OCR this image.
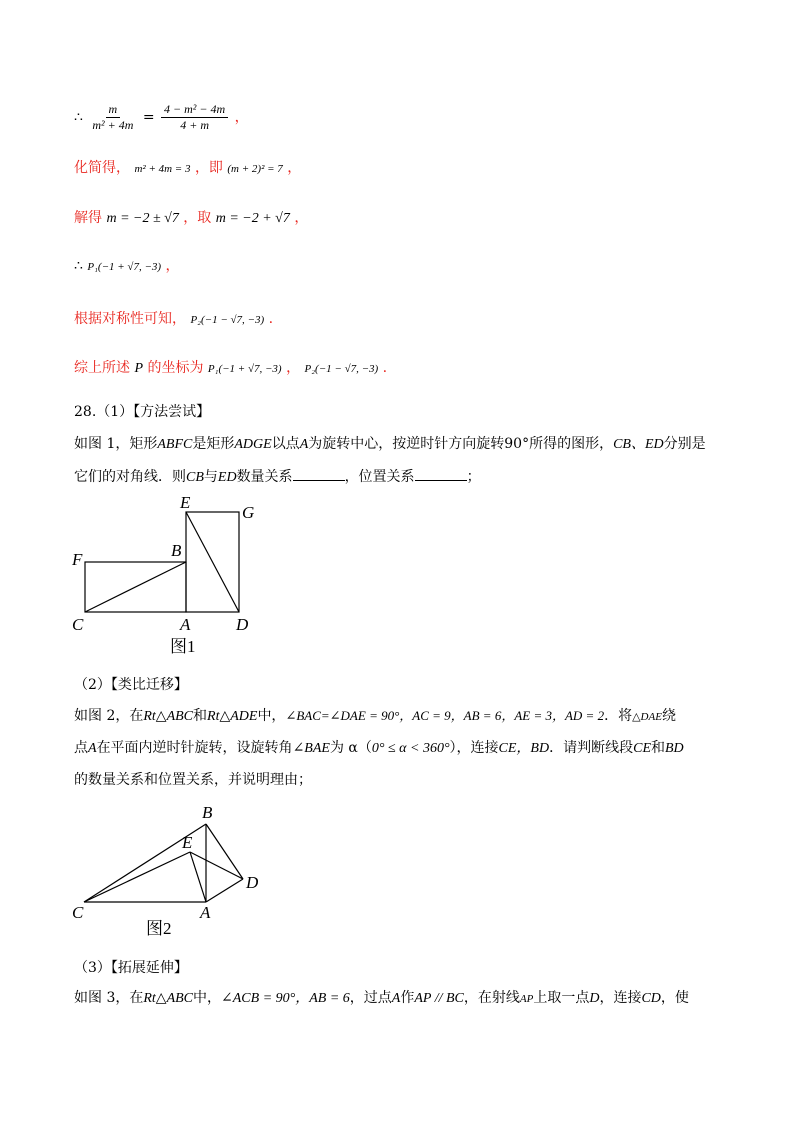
∴ $\frac{m}{\text{m² + 4m}} = \frac{\text{4 − m² − 4m}}{4 + m}$ ，
化简得， m² + 4m = 3 ，即 (m + 2)² = 7 ，
解得 m = −2 ± √7 ，取 m = −2 + √7 ，
∴ P₁(−1 + √7, −3) ，
根据对称性可知， P₂(−1 − √7, −3) .
综上所述 P 的坐标为 P₁(−1 + √7, −3) ， P₂(−1 − √7, −3) .
28.（1）【方法尝试】
如图 1，矩形ABFC是矩形ADGE以点A为旋转中心，按逆时针方向旋转90°所得的图形，CB、ED分别是
它们的对角线．则CB与ED数量关系	，位置关系	；
E
G
F	B
C	A	D
图1
（2）【类比迁移】
如图 2，在Rt△ABC和Rt△ADE中，∠BAC=∠DAE = 90°，AC = 9，AB = 6，AE = 3，AD = 2．将△DAE绕
点A在平面内逆时针旋转，设旋转角∠BAE为 α（0° ≤ α < 360°），连接CE，BD．请判断线段CE和BD
的数量关系和位置关系，并说明理由；
B
E
D
C	A
图2
（3）【拓展延伸】
如图 3，在Rt△ABC中，∠ACB = 90°，AB = 6，过点A作AP // BC，在射线AP上取一点D，连接CD，使
